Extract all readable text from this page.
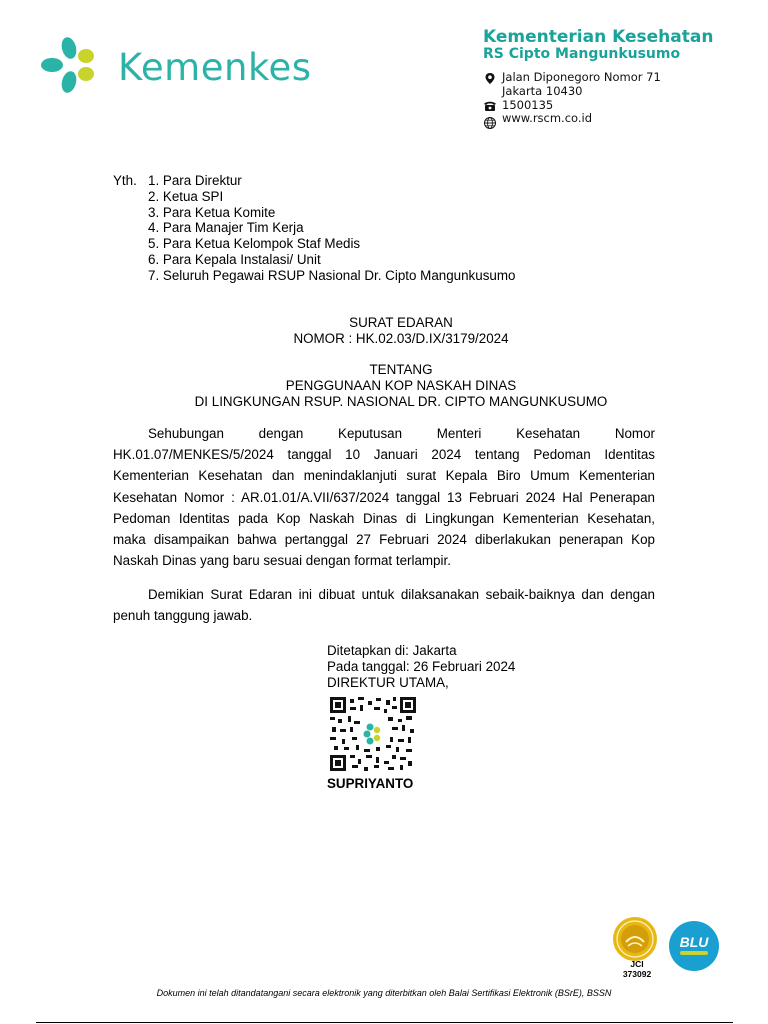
Kemenkes
Kementerian Kesehatan
RS Cipto Mangunkusumo
Jalan Diponegoro Nomor 71
Jakarta 10430
1500135
www.rscm.co.id
Yth. 1. Para Direktur
2. Ketua SPI
3. Para Ketua Komite
4. Para Manajer Tim Kerja
5. Para Ketua Kelompok Staf Medis
6. Para Kepala Instalasi/ Unit
7. Seluruh Pegawai RSUP Nasional Dr. Cipto Mangunkusumo
SURAT EDARAN
NOMOR : HK.02.03/D.IX/3179/2024
TENTANG
PENGGUNAAN KOP NASKAH DINAS
DI LINGKUNGAN RSUP. NASIONAL DR. CIPTO MANGUNKUSUMO
Sehubungan dengan Keputusan Menteri Kesehatan Nomor
HK.01.07/MENKES/5/2024 tanggal 10 Januari 2024 tentang Pedoman Identitas
Kementerian Kesehatan dan menindaklanjuti surat Kepala Biro Umum Kementerian
Kesehatan Nomor : AR.01.01/A.VII/637/2024 tanggal 13 Februari 2024 Hal Penerapan
Pedoman Identitas pada Kop Naskah Dinas di Lingkungan Kementerian Kesehatan,
maka disampaikan bahwa pertanggal 27 Februari 2024 diberlakukan penerapan Kop
Naskah Dinas yang baru sesuai dengan format terlampir.
Demikian Surat Edaran ini dibuat untuk dilaksanakan sebaik-baiknya dan dengan
penuh tanggung jawab.
Ditetapkan di: Jakarta
Pada tanggal: 26 Februari 2024
DIREKTUR UTAMA,
SUPRIYANTO
JCI
373092
BLU
Dokumen ini telah ditandatangani secara elektronik yang diterbitkan oleh Balai Sertifikasi Elektronik (BSrE), BSSN
